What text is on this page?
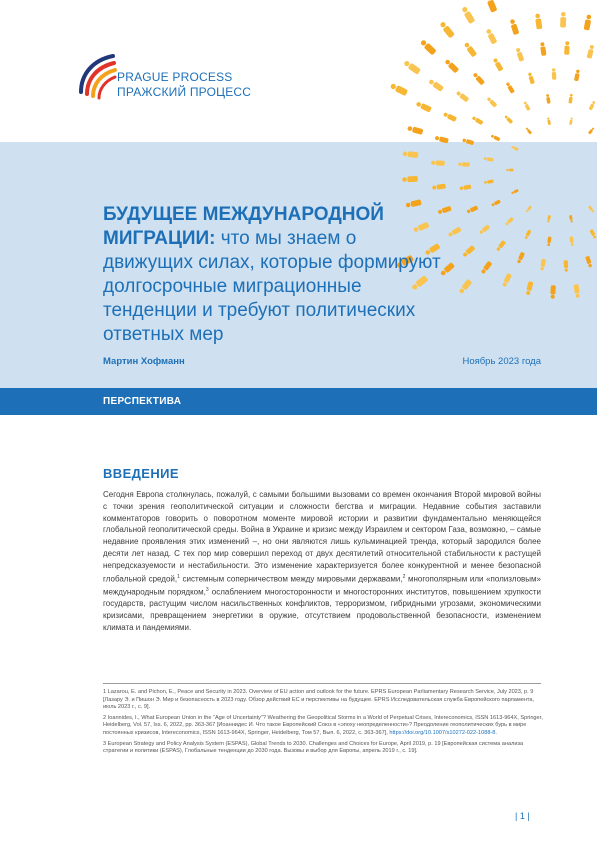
PRAGUE PROCESS
ПРАЖСКИЙ ПРОЦЕСС
БУДУЩЕЕ МЕЖДУНАРОДНОЙ МИГРАЦИИ: что мы знаем о движущих силах, которые формируют долгосрочные миграционные тенденции и требуют политических ответных мер
Мартин Хофманн	Ноябрь 2023 года
ПЕРСПЕКТИВА
ВВЕДЕНИЕ
Сегодня Европа столкнулась, пожалуй, с самыми большими вызовами со времен окончания Второй мировой войны с точки зрения геополитической ситуации и сложности бегства и миграции. Недавние события заставили комментаторов говорить о поворотном моменте мировой истории и развитии фундаментально меняющейся глобальной геополитической среды. Война в Украине и кризис между Израилем и сектором Газа, возможно, – самые недавние проявления этих изменений –, но они являются лишь кульминацией тренда, который зародился более десяти лет назад. С тех пор мир совершил переход от двух десятилетий относительной стабильности к растущей непредсказуемости и нестабильности. Это изменение характеризуется более конкурентной и менее безопасной глобальной средой,$^1$ системным соперничеством между мировыми державами,$^2$ многополярным или «полизловым» международным порядком,$^3$ ослаблением многосторонности и многосторонних институтов, повышением хрупкости государств, растущим числом насильственных конфликтов, терроризмом, гибридными угрозами, экономическими кризисами, превращением энергетики в оружие, отсутствием продовольственной безопасности, изменением климата и пандемиями.

1 Lazarou, E. and Pichon, E., Peace and Security in 2023. Overview of EU action and outlook for the future. EPRS European Parliamentary Research Service, July 2023, p. 9 [Лазару Э. и Пишон Э. Мир и безопасность в 2023 году. Обзор действий ЕС и перспективы на будущее. EPRS Исследовательская служба Европейского парламента, июль 2023 г., с. 9].

2 Ioannides, I., What European Union in the “Age of Uncertainty”? Weathering the Geopolitical Storms in a World of Perpetual Crises, Intereconomics, ISSN 1613-964X, Springer, Heidelberg, Vol. 57, Iss. 6, 2022, pp. 363-367 [Иоаннидес И. Что такое Европейский Союз в «эпоху неопределенности»? Преодоление геополитических бурь в мире постоянных кризисов, Intereconomics, ISSN 1613-964X, Springer, Heidelberg, Том 57, Вып. 6, 2022, с. 363-367], https://doi.org/10.1007/s10272-022-1088-8.

3 European Strategy and Policy Analysis System (ESPAS), Global Trends to 2030. Challenges and Choices for Europe, April 2019, p. 19 [Европейская система анализа стратегии и политики (ESPAS), Глобальные тенденции до 2030 года. Вызовы и выбор для Европы, апрель 2019 г., с. 19].

| 1 |
